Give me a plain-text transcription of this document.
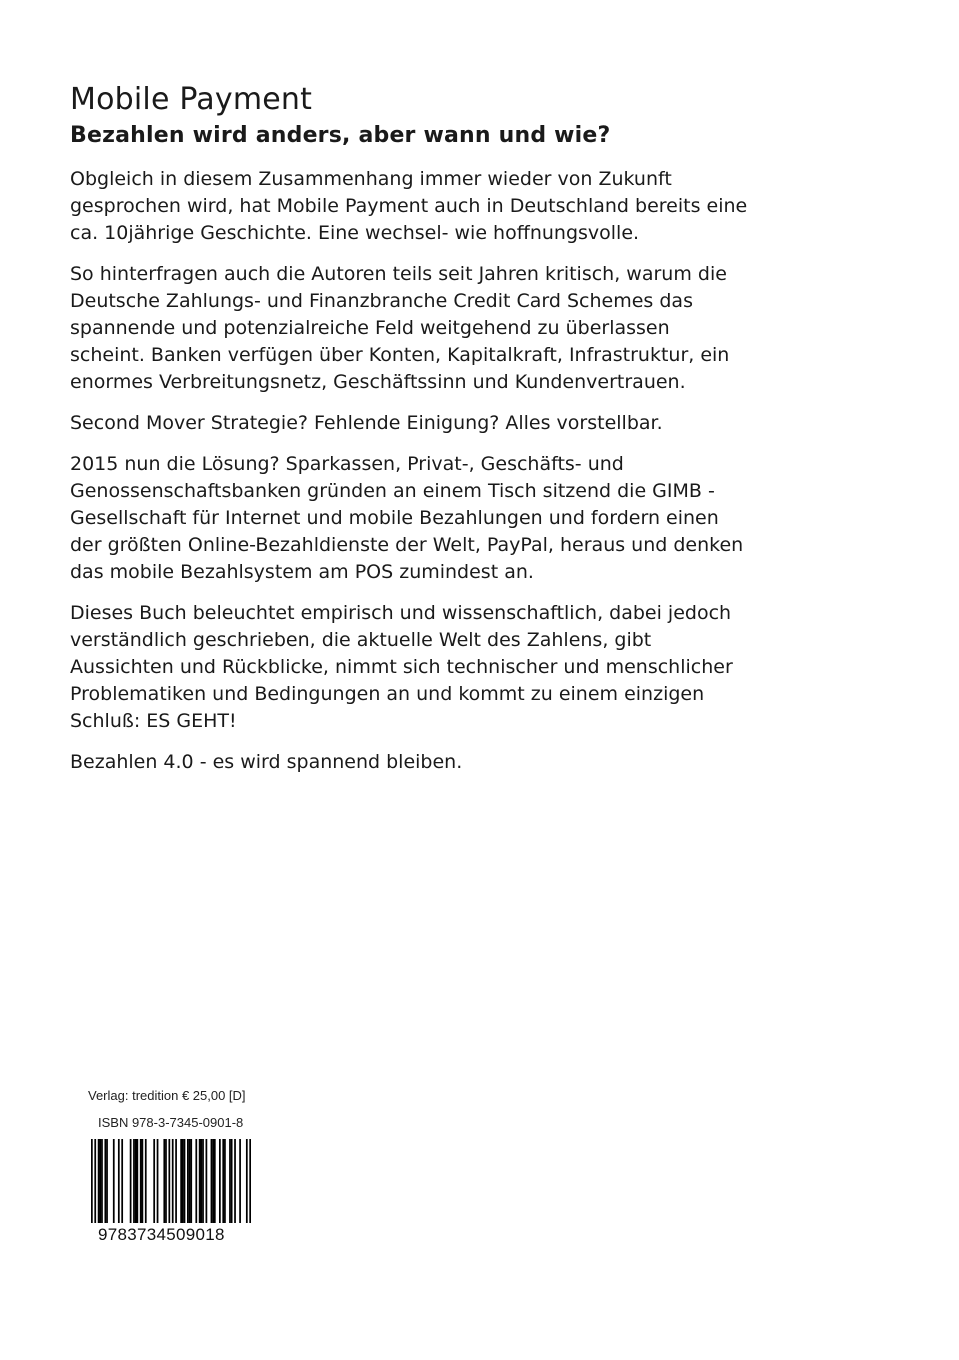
Mobile Payment
Bezahlen wird anders, aber wann und wie?

Obgleich in diesem Zusammenhang immer wieder von Zukunft gesprochen wird, hat Mobile Payment auch in Deutschland bereits eine ca. 10jährige Geschichte. Eine wechsel- wie hoffnungsvolle.

So hinterfragen auch die Autoren teils seit Jahren kritisch, warum die Deutsche Zahlungs- und Finanzbranche Credit Card Schemes das spannende und potenzialreiche Feld weitgehend zu überlassen scheint. Banken verfügen über Konten, Kapitalkraft, Infrastruktur, ein enormes Verbreitungsnetz, Geschäftssinn und Kundenvertrauen.

Second Mover Strategie? Fehlende Einigung? Alles vorstellbar.

2015 nun die Lösung? Sparkassen, Privat-, Geschäfts- und Genossenschaftsbanken gründen an einem Tisch sitzend die GIMB - Gesellschaft für Internet und mobile Bezahlungen und fordern einen der größten Online-Bezahldienste der Welt, PayPal, heraus und denken das mobile Bezahlsystem am POS zumindest an.

Dieses Buch beleuchtet empirisch und wissenschaftlich, dabei jedoch verständlich geschrieben, die aktuelle Welt des Zahlens, gibt Aussichten und Rückblicke, nimmt sich technischer und menschlicher Problematiken und Bedingungen an und kommt zu einem einzigen Schluß: ES GEHT!

Bezahlen 4.0 - es wird spannend bleiben.

Verlag: tredition € 25,00 [D]
ISBN 978-3-7345-0901-8
9783734509018
